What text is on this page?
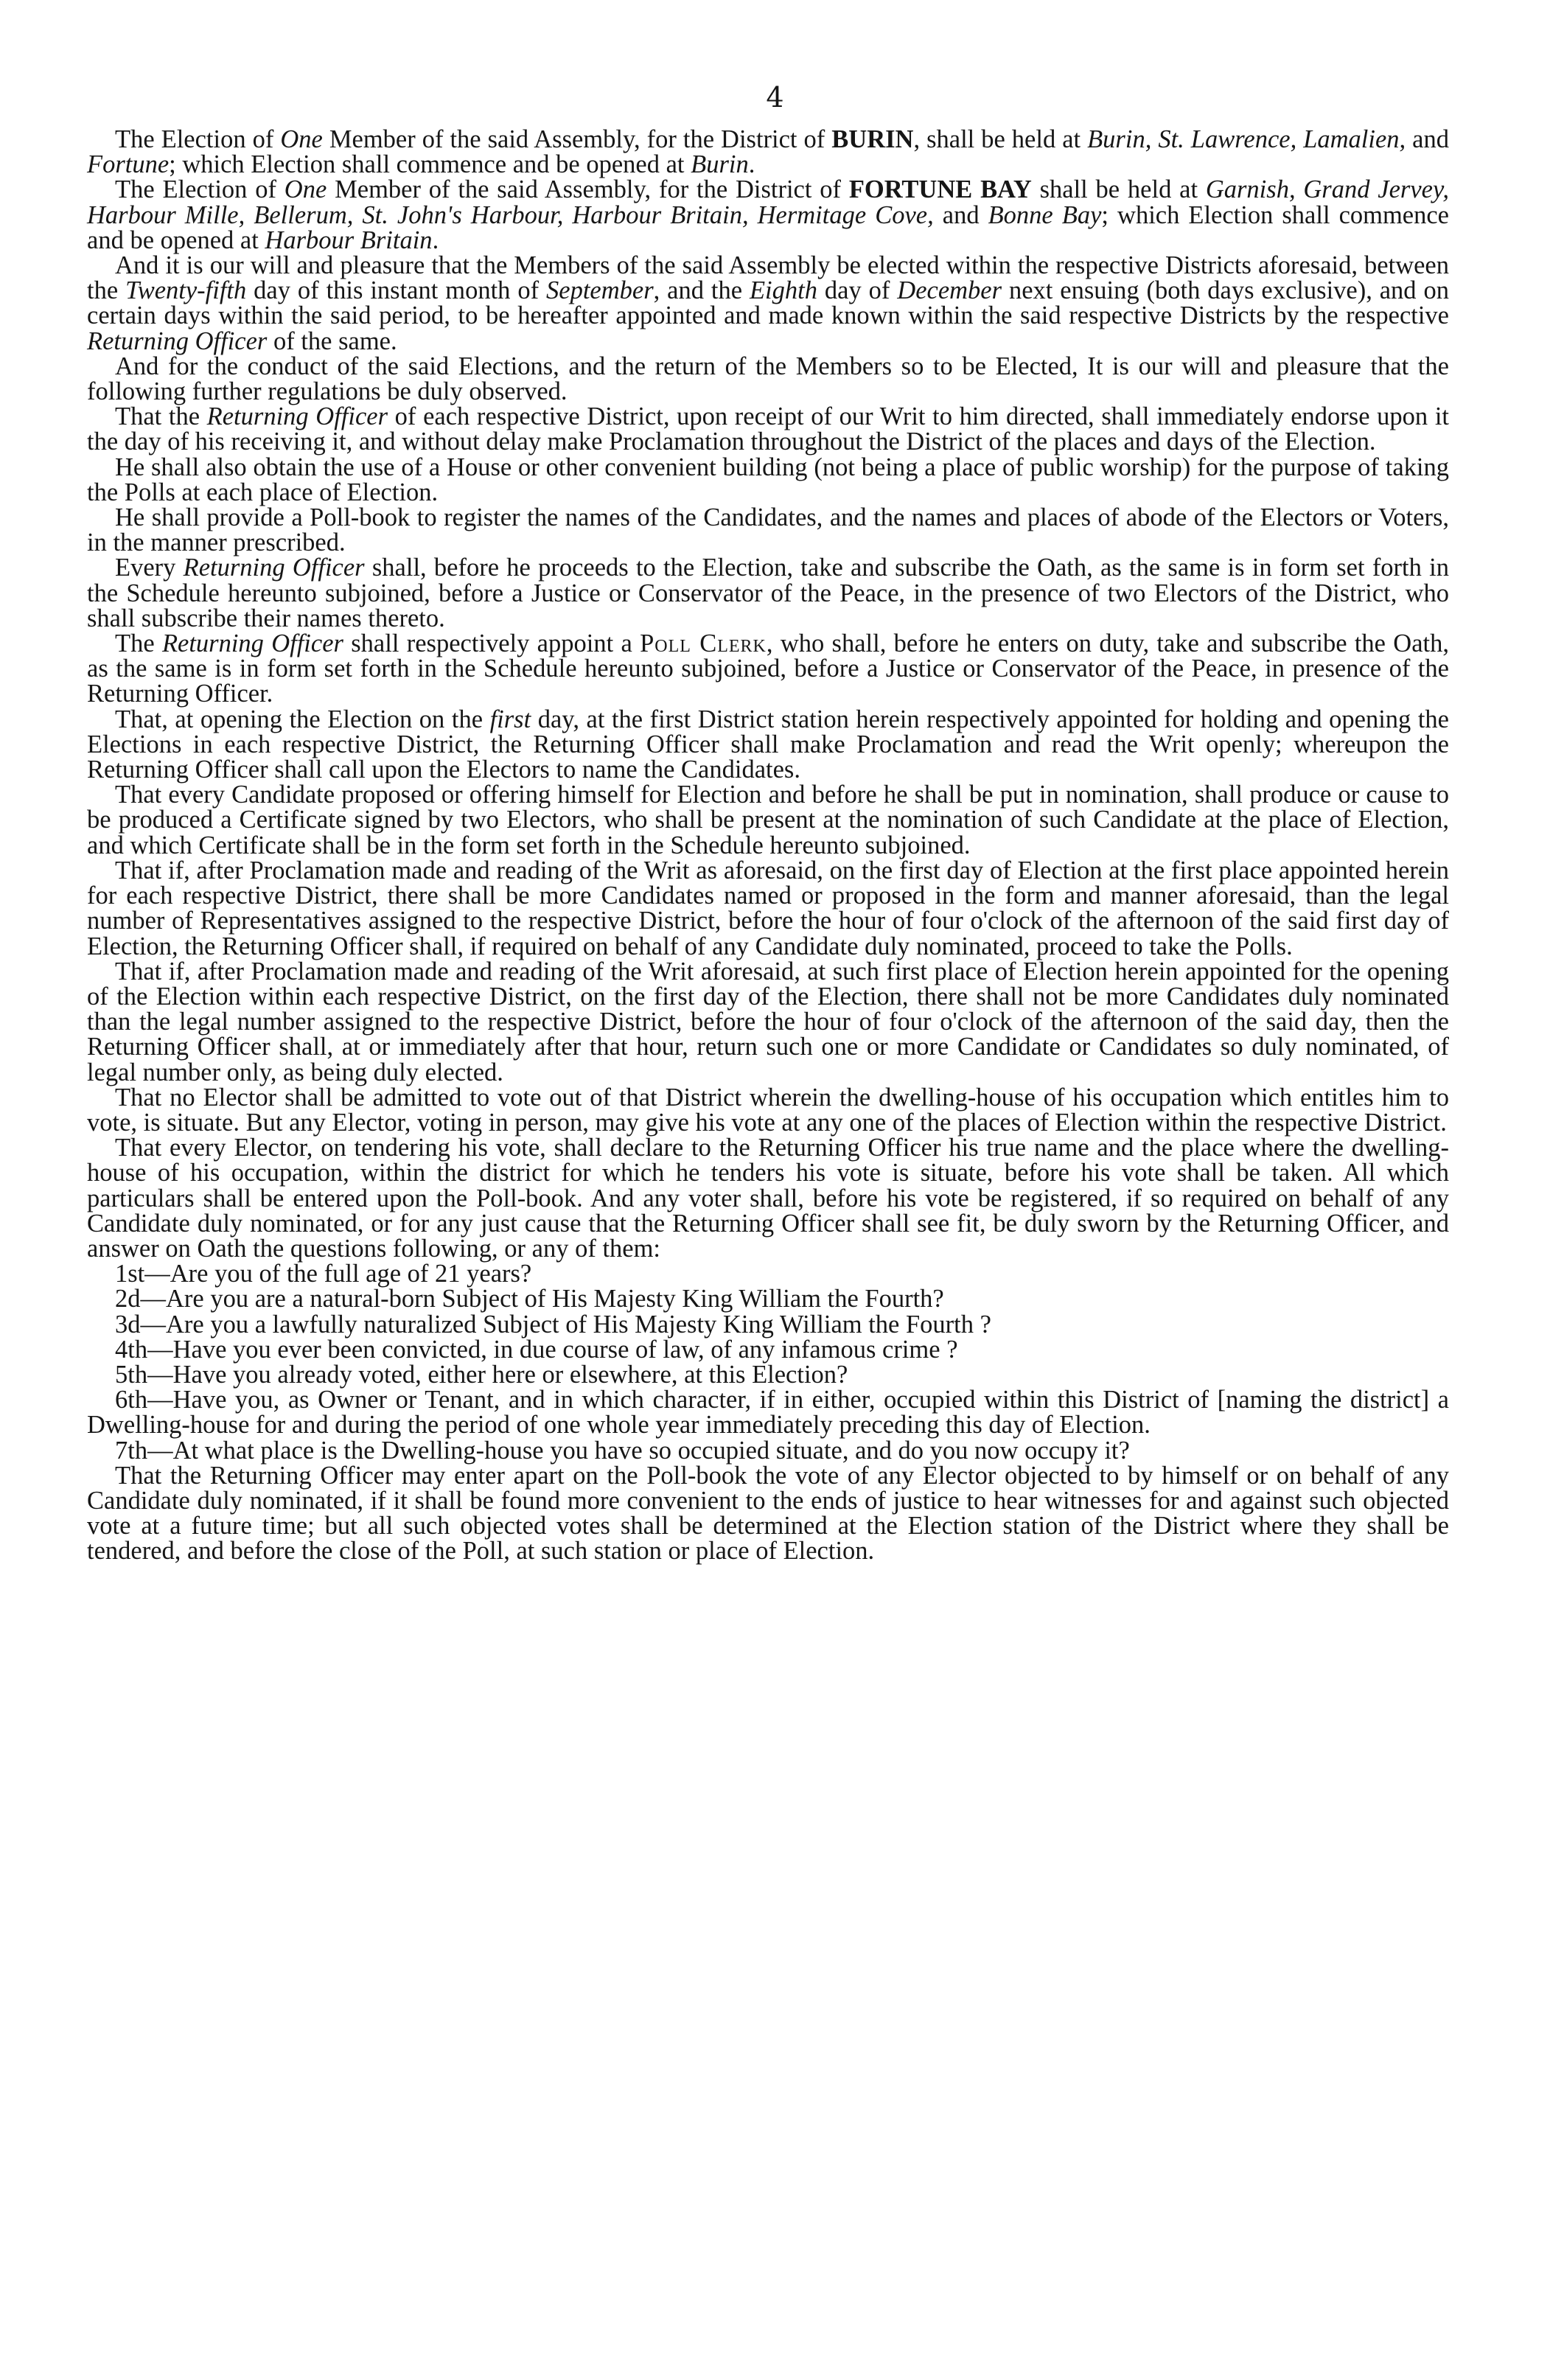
4

The Election of One Member of the said Assembly, for the District of BURIN, shall be held at Burin, St. Lawrence, Lamalien, and Fortune; which Election shall commence and be opened at Burin.

The Election of One Member of the said Assembly, for the District of FORTUNE BAY shall be held at Garnish, Grand Jervey, Harbour Mille, Bellerum, St. John's Harbour, Harbour Britain, Hermitage Cove, and Bonne Bay; which Election shall commence and be opened at Harbour Britain.

And it is our will and pleasure that the Members of the said Assembly be elected within the respective Districts aforesaid, between the Twenty-fifth day of this instant month of September, and the Eighth day of December next ensuing (both days exclusive), and on certain days within the said period, to be hereafter appointed and made known within the said respective Districts by the respective Returning Officer of the same.

And for the conduct of the said Elections, and the return of the Members so to be Elected, It is our will and pleasure that the following further regulations be duly observed.

That the Returning Officer of each respective District, upon receipt of our Writ to him directed, shall immediately endorse upon it the day of his receiving it, and without delay make Proclamation throughout the District of the places and days of the Election.

He shall also obtain the use of a House or other convenient building (not being a place of public worship) for the purpose of taking the Polls at each place of Election.

He shall provide a Poll-book to register the names of the Candidates, and the names and places of abode of the Electors or Voters, in the manner prescribed.

Every Returning Officer shall, before he proceeds to the Election, take and subscribe the Oath, as the same is in form set forth in the Schedule hereunto subjoined, before a Justice or Conservator of the Peace, in the presence of two Electors of the District, who shall subscribe their names thereto.

The Returning Officer shall respectively appoint a Poll Clerk, who shall, before he enters on duty, take and subscribe the Oath, as the same is in form set forth in the Schedule hereunto subjoined, before a Justice or Conservator of the Peace, in presence of the Returning Officer.

That, at opening the Election on the first day, at the first District station herein respectively appointed for holding and opening the Elections in each respective District, the Returning Officer shall make Proclamation and read the Writ openly; whereupon the Returning Officer shall call upon the Electors to name the Candidates.

That every Candidate proposed or offering himself for Election and before he shall be put in nomination, shall produce or cause to be produced a Certificate signed by two Electors, who shall be present at the nomination of such Candidate at the place of Election, and which Certificate shall be in the form set forth in the Schedule hereunto subjoined.

That if, after Proclamation made and reading of the Writ as aforesaid, on the first day of Election at the first place appointed herein for each respective District, there shall be more Candidates named or proposed in the form and manner aforesaid, than the legal number of Representatives assigned to the respective District, before the hour of four o'clock of the afternoon of the said first day of Election, the Returning Officer shall, if required on behalf of any Candidate duly nominated, proceed to take the Polls.

That if, after Proclamation made and reading of the Writ aforesaid, at such first place of Election herein appointed for the opening of the Election within each respective District, on the first day of the Election, there shall not be more Candidates duly nominated than the legal number assigned to the respective District, before the hour of four o'clock of the afternoon of the said day, then the Returning Officer shall, at or immediately after that hour, return such one or more Candidate or Candidates so duly nominated, of legal number only, as being duly elected.

That no Elector shall be admitted to vote out of that District wherein the dwelling-house of his occupation which entitles him to vote, is situate. But any Elector, voting in person, may give his vote at any one of the places of Election within the respective District.

That every Elector, on tendering his vote, shall declare to the Returning Officer his true name and the place where the dwelling-house of his occupation, within the district for which he tenders his vote is situate, before his vote shall be taken. All which particulars shall be entered upon the Poll-book. And any voter shall, before his vote be registered, if so required on behalf of any Candidate duly nominated, or for any just cause that the Returning Officer shall see fit, be duly sworn by the Returning Officer, and answer on Oath the questions following, or any of them:

1st—Are you of the full age of 21 years?

2d—Are you are a natural-born Subject of His Majesty King William the Fourth?

3d—Are you a lawfully naturalized Subject of His Majesty King William the Fourth ?

4th—Have you ever been convicted, in due course of law, of any infamous crime ?

5th—Have you already voted, either here or elsewhere, at this Election?

6th—Have you, as Owner or Tenant, and in which character, if in either, occupied within this District of [naming the district] a Dwelling-house for and during the period of one whole year immediately preceding this day of Election.

7th—At what place is the Dwelling-house you have so occupied situate, and do you now occupy it?

That the Returning Officer may enter apart on the Poll-book the vote of any Elector objected to by himself or on behalf of any Candidate duly nominated, if it shall be found more convenient to the ends of justice to hear witnesses for and against such objected vote at a future time; but all such objected votes shall be determined at the Election station of the District where they shall be tendered, and before the close of the Poll, at such station or place of Election.
